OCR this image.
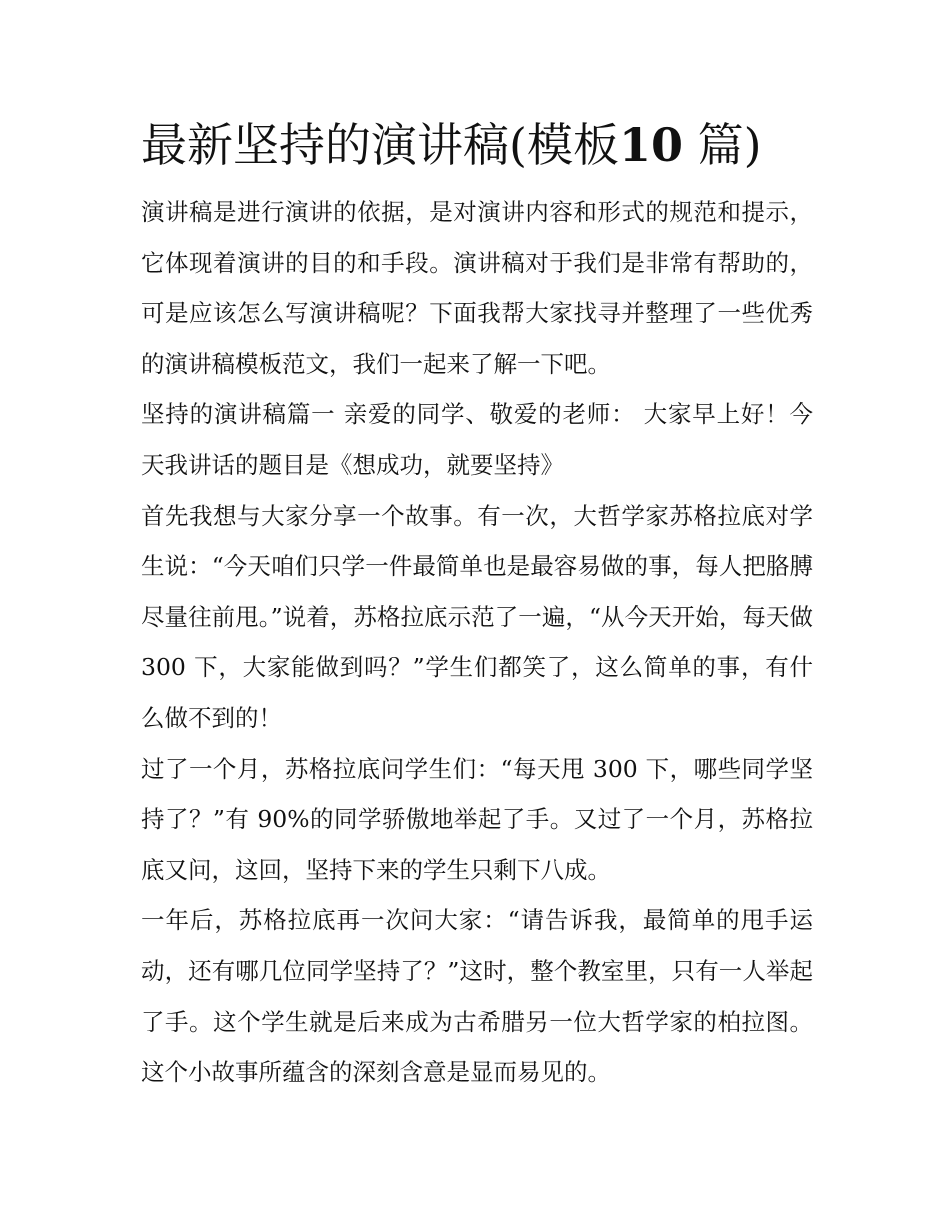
最新坚持的演讲稿(模板10 篇)

演讲稿是进行演讲的依据，是对演讲内容和形式的规范和提示，它体现着演讲的目的和手段。演讲稿对于我们是非常有帮助的，可是应该怎么写演讲稿呢？下面我帮大家找寻并整理了一些优秀的演讲稿模板范文，我们一起来了解一下吧。

坚持的演讲稿篇一 亲爱的同学、敬爱的老师： 大家早上好！今天我讲话的题目是《想成功，就要坚持》

首先我想与大家分享一个故事。有一次，大哲学家苏格拉底对学生说：“今天咱们只学一件最简单也是最容易做的事，每人把胳膊尽量往前甩。”说着，苏格拉底示范了一遍，“从今天开始，每天做 300 下，大家能做到吗？”学生们都笑了，这么简单的事，有什么做不到的！

过了一个月，苏格拉底问学生们：“每天甩 300 下，哪些同学坚持了？”有 90%的同学骄傲地举起了手。又过了一个月，苏格拉底又问，这回，坚持下来的学生只剩下八成。

一年后，苏格拉底再一次问大家：“请告诉我，最简单的甩手运动，还有哪几位同学坚持了？”这时，整个教室里，只有一人举起了手。这个学生就是后来成为古希腊另一位大哲学家的柏拉图。这个小故事所蕴含的深刻含意是显而易见的。
